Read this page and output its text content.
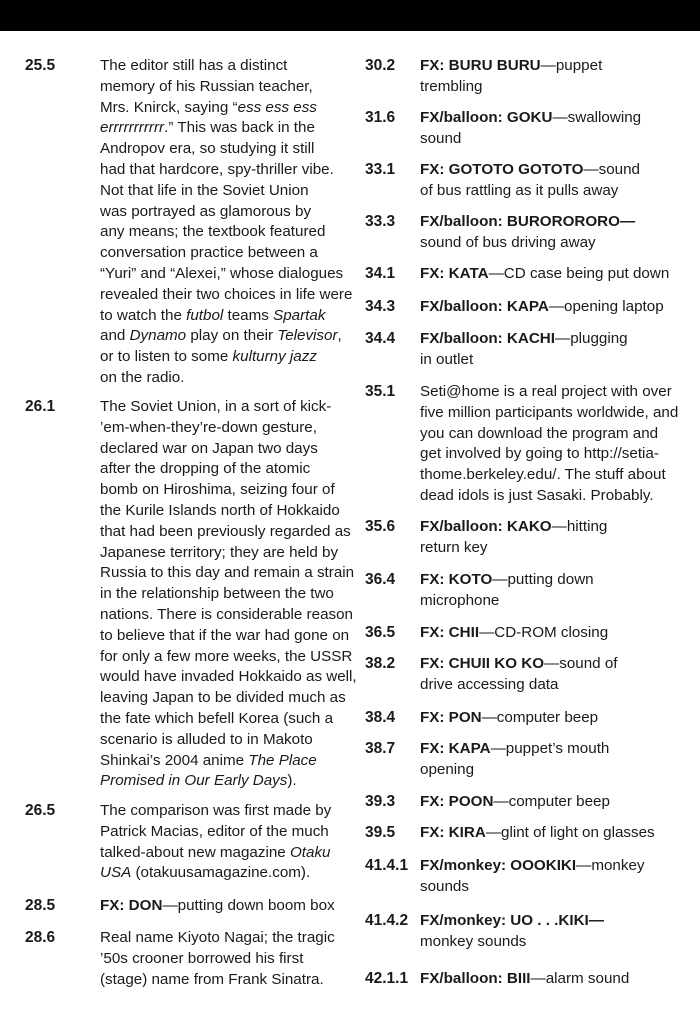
25.5	The editor still has a distinct
memory of his Russian teacher,
Mrs. Knirck, saying “ess ess ess
errrrrrrrrrr.” This was back in the
Andropov era, so studying it still
had that hardcore, spy-thriller vibe.
Not that life in the Soviet Union
was portrayed as glamorous by
any means; the textbook featured
conversation practice between a
“Yuri” and “Alexei,” whose dialogues
revealed their two choices in life were
to watch the futbol teams Spartak
and Dynamo play on their Televisor,
or to listen to some kulturny jazz
on the radio.
26.1	The Soviet Union, in a sort of kick-
’em-when-they’re-down gesture,
declared war on Japan two days
after the dropping of the atomic
bomb on Hiroshima, seizing four of
the Kurile Islands north of Hokkaido
that had been previously regarded as
Japanese territory; they are held by
Russia to this day and remain a strain
in the relationship between the two
nations. There is considerable reason
to believe that if the war had gone on
for only a few more weeks, the USSR
would have invaded Hokkaido as well,
leaving Japan to be divided much as
the fate which befell Korea (such a
scenario is alluded to in Makoto
Shinkai’s 2004 anime The Place
Promised in Our Early Days).
26.5	The comparison was first made by
Patrick Macias, editor of the much
talked-about new magazine Otaku
USA (otakuusamagazine.com).
28.5	FX: DON—putting down boom box
28.6	Real name Kiyoto Nagai; the tragic
’50s crooner borrowed his first
(stage) name from Frank Sinatra.
30.2 FX: BURU BURU—puppet
trembling
31.6 FX/balloon: GOKU—swallowing
sound
33.1 FX: GOTOTO GOTOTO—sound
of bus rattling as it pulls away
33.3 FX/balloon: BURORORORO—
sound of bus driving away
34.1 FX: KATA—CD case being put down
34.3 FX/balloon: KAPA—opening laptop
34.4 FX/balloon: KACHI—plugging
in outlet
35.1 Seti@home is a real project with over
five million participants worldwide, and
you can download the program and
get involved by going to http://setia-
thome.berkeley.edu/. The stuff about
dead idols is just Sasaki. Probably.
35.6 FX/balloon: KAKO—hitting
return key
36.4 FX: KOTO—putting down
microphone
36.5 FX: CHII—CD-ROM closing
38.2 FX: CHUII KO KO—sound of
drive accessing data
38.4 FX: PON—computer beep
38.7 FX: KAPA—puppet’s mouth
opening
39.3 FX: POON—computer beep
39.5 FX: KIRA—glint of light on glasses
41.4.1 FX/monkey: OOOKIKI—monkey
sounds
41.4.2 FX/monkey: UO . . .KIKI—
monkey sounds
42.1.1 FX/balloon: BIII—alarm sound
